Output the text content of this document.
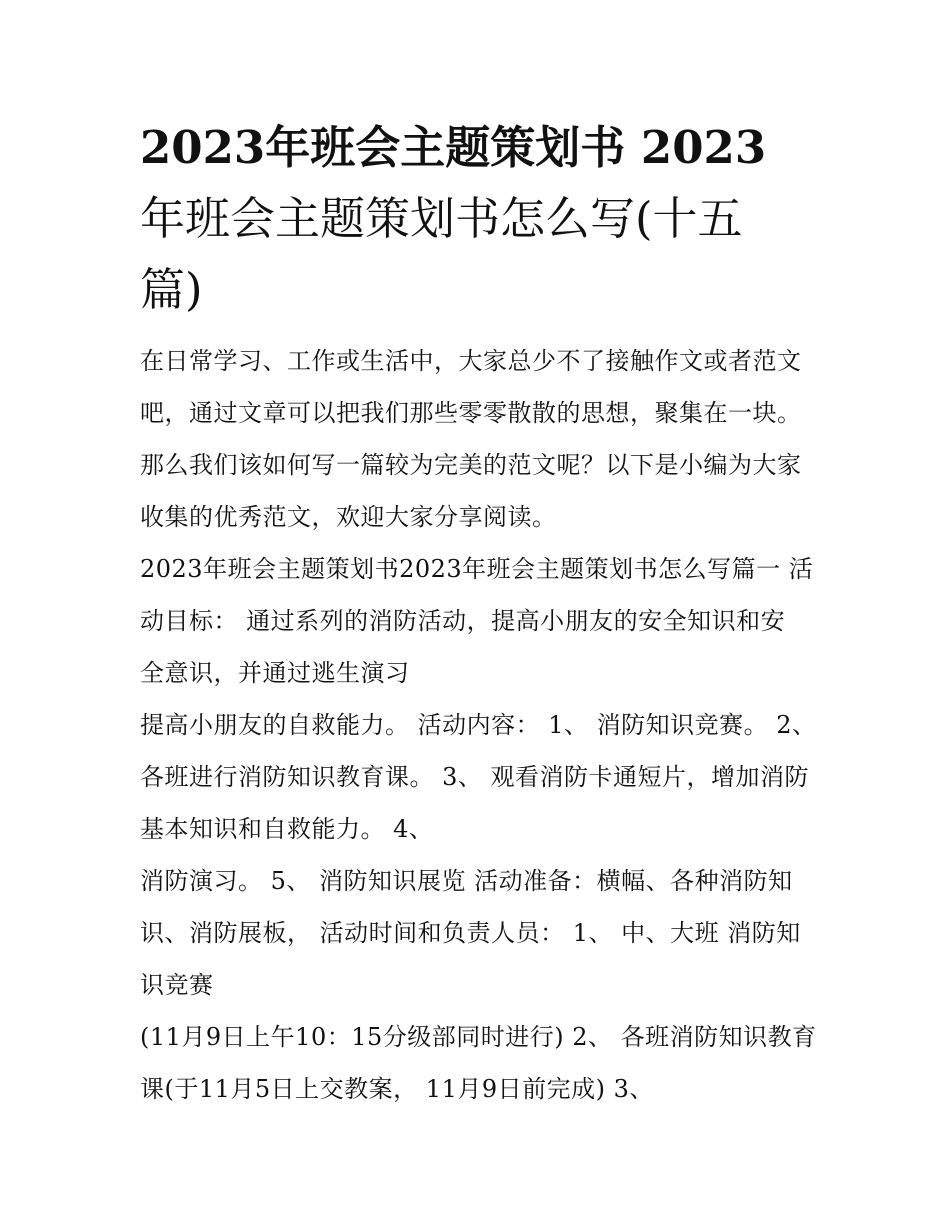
2023年班会主题策划书 2023
年班会主题策划书怎么写(十五
篇)
在日常学习、工作或生活中，大家总少不了接触作文或者范文
吧，通过文章可以把我们那些零零散散的思想，聚集在一块。
那么我们该如何写一篇较为完美的范文呢？以下是小编为大家
收集的优秀范文，欢迎大家分享阅读。
2023年班会主题策划书2023年班会主题策划书怎么写篇一 活
动目标： 通过系列的消防活动，提高小朋友的安全知识和安
全意识，并通过逃生演习
提高小朋友的自救能力。 活动内容： 1、 消防知识竞赛。 2、
各班进行消防知识教育课。 3、 观看消防卡通短片，增加消防
基本知识和自救能力。 4、
消防演习。 5、 消防知识展览 活动准备：横幅、各种消防知
识、消防展板， 活动时间和负责人员： 1、 中、大班 消防知
识竞赛
(11月9日上午10：15分级部同时进行) 2、 各班消防知识教育
课(于11月5日上交教案， 11月9日前完成) 3、
